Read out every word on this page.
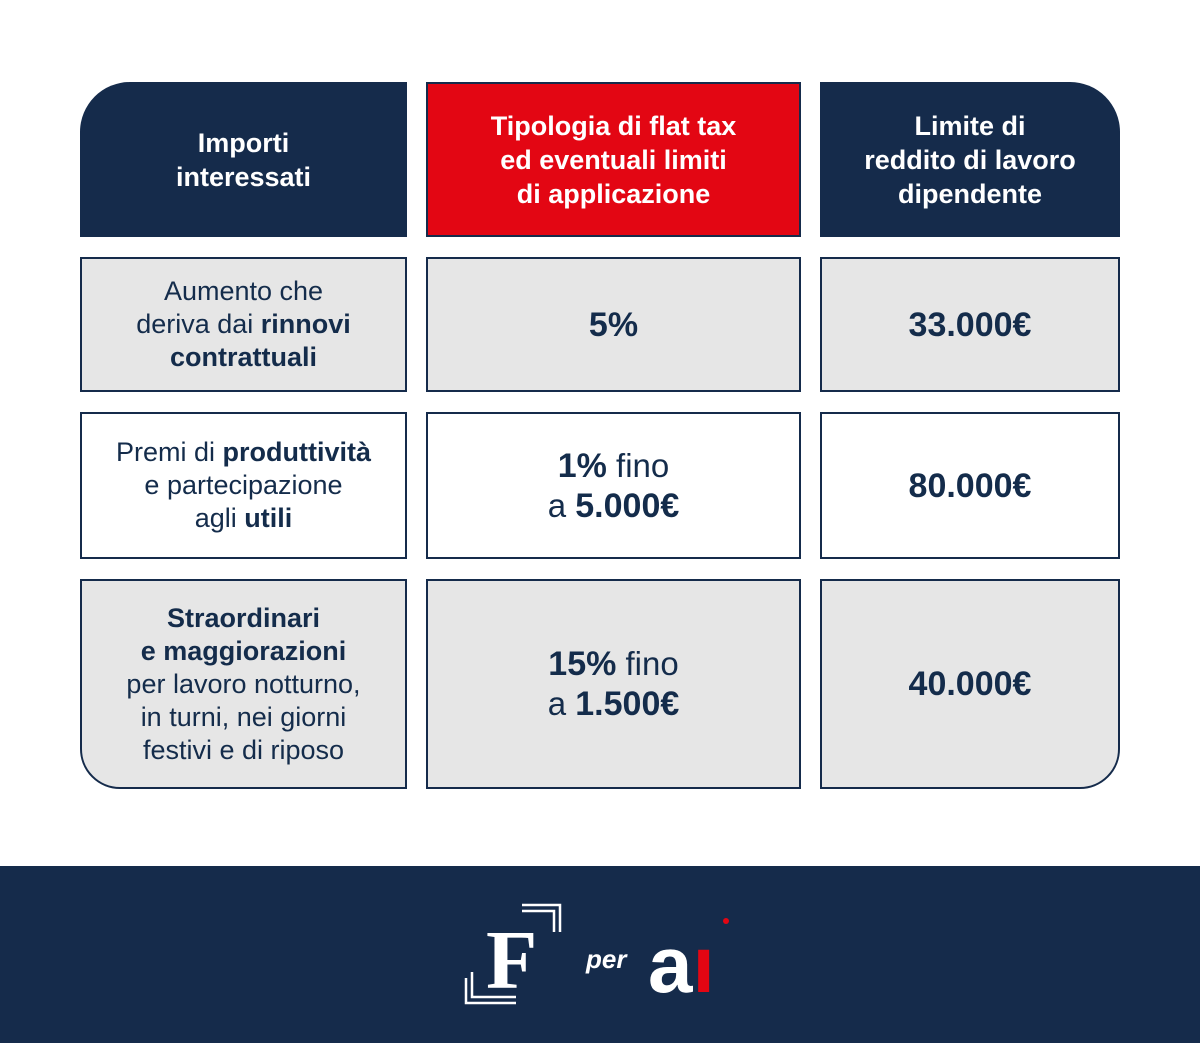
Importi
interessati
Tipologia di flat tax
ed eventuali limiti
di applicazione
Limite di
reddito di lavoro
dipendente
Aumento che
deriva dai rinnovi
contrattuali
5%	33.000€
Premi di produttività
e partecipazione
agli utili
1% fino
a 5.000€
80.000€
Straordinari
e maggiorazioni
per lavoro notturno,
in turni, nei giorni
festivi e di riposo
15% fino
a 1.500€
40.000€
F per aı
